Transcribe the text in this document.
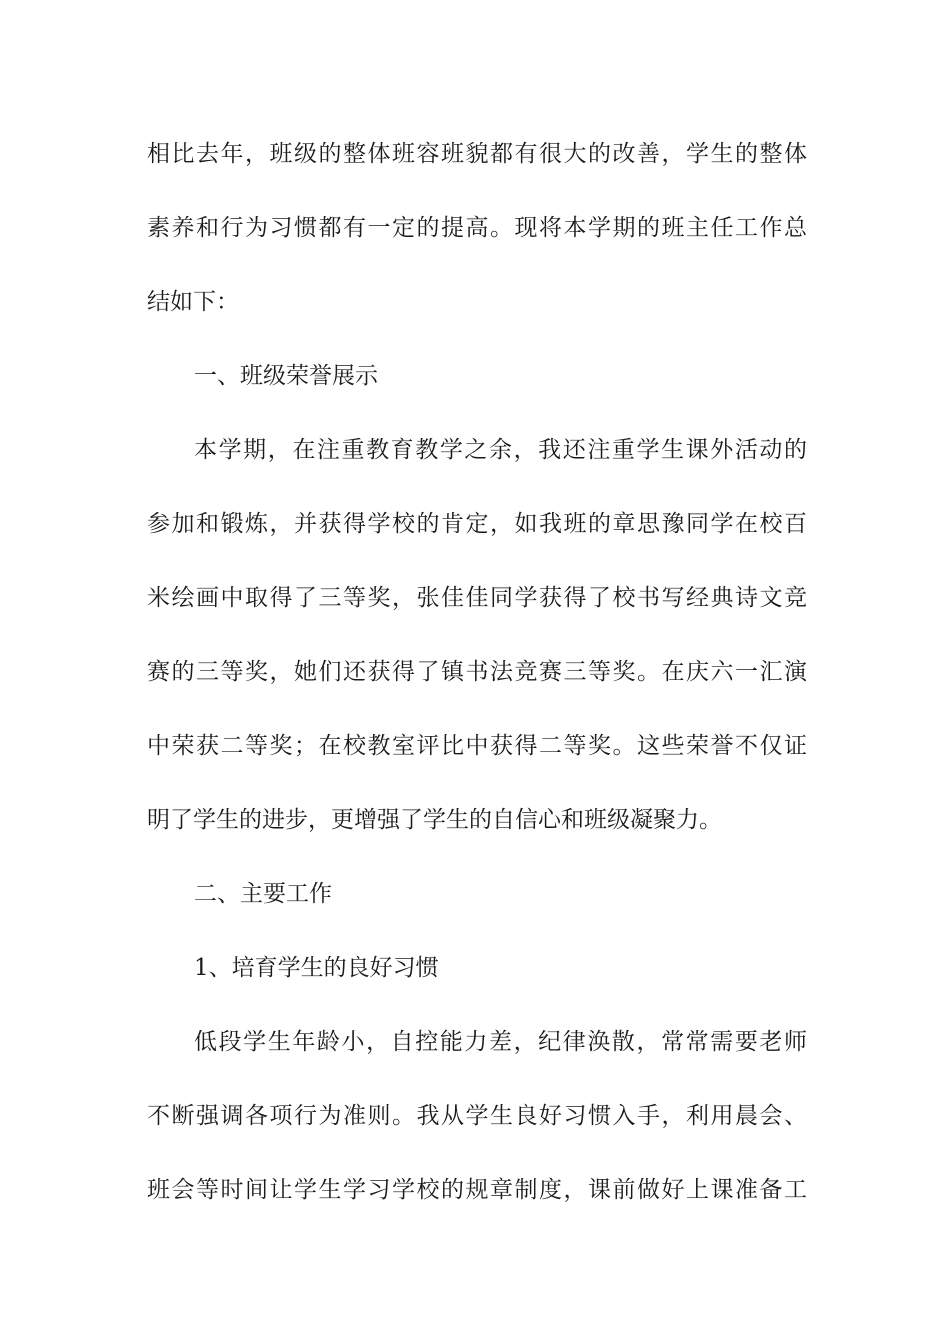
相比去年，班级的整体班容班貌都有很大的改善，学生的整体
素养和行为习惯都有一定的提高。现将本学期的班主任工作总
结如下：
一、班级荣誉展示
本学期，在注重教育教学之余，我还注重学生课外活动的
参加和锻炼，并获得学校的肯定，如我班的章思豫同学在校百
米绘画中取得了三等奖，张佳佳同学获得了校书写经典诗文竞
赛的三等奖，她们还获得了镇书法竞赛三等奖。在庆六一汇演
中荣获二等奖；在校教室评比中获得二等奖。这些荣誉不仅证
明了学生的进步，更增强了学生的自信心和班级凝聚力。
二、主要工作
1、培育学生的良好习惯
低段学生年龄小，自控能力差，纪律涣散，常常需要老师
不断强调各项行为准则。我从学生良好习惯入手，利用晨会、
班会等时间让学生学习学校的规章制度，课前做好上课准备工
